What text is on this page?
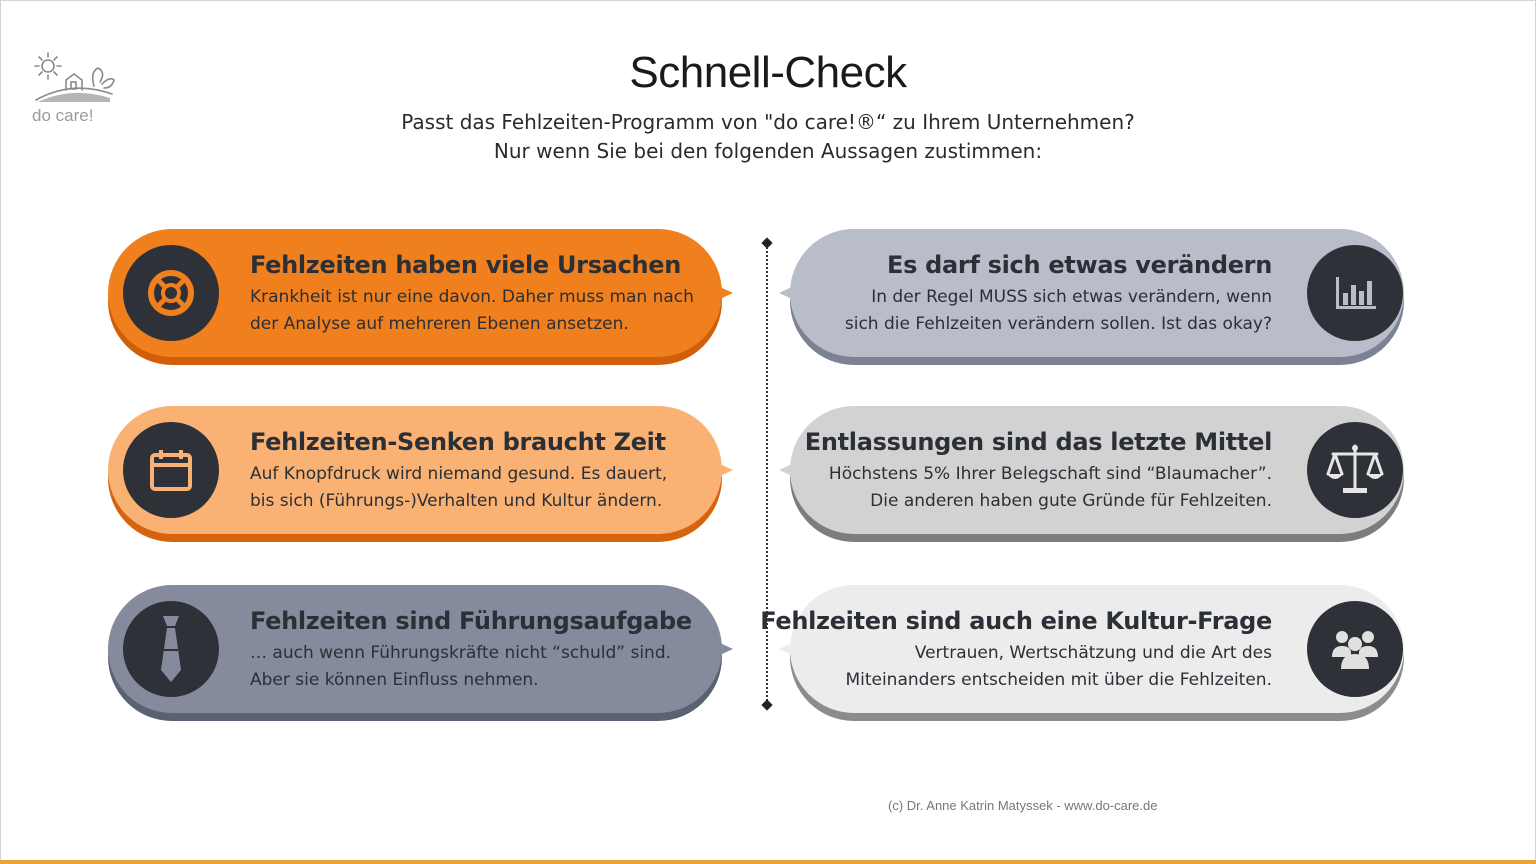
do care!
Schnell-Check
Passt das Fehlzeiten-Programm von "do care!®“ zu Ihrem Unternehmen?
Nur wenn Sie bei den folgenden Aussagen zustimmen:
Fehlzeiten haben viele Ursachen
Krankheit ist nur eine davon. Daher muss man nach
der Analyse auf mehreren Ebenen ansetzen.
Fehlzeiten-Senken braucht Zeit
Auf Knopfdruck wird niemand gesund. Es dauert,
bis sich (Führungs-)Verhalten und Kultur ändern.
Fehlzeiten sind Führungsaufgabe
… auch wenn Führungskräfte nicht “schuld” sind.
Aber sie können Einfluss nehmen.
Es darf sich etwas verändern
In der Regel MUSS sich etwas verändern, wenn
sich die Fehlzeiten verändern sollen. Ist das okay?
Entlassungen sind das letzte Mittel
Höchstens 5% Ihrer Belegschaft sind “Blaumacher”.
Die anderen haben gute Gründe für Fehlzeiten.
Fehlzeiten sind auch eine Kultur-Frage
Vertrauen, Wertschätzung und die Art des
Miteinanders entscheiden mit über die Fehlzeiten.
(c) Dr. Anne Katrin Matyssek - www.do-care.de
